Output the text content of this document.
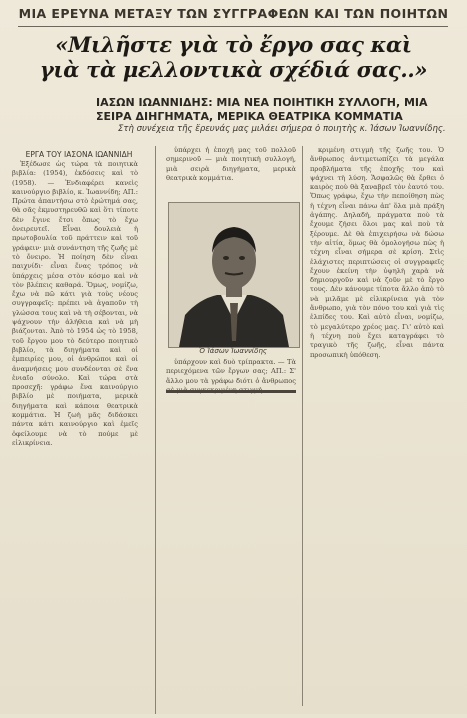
ΜΙΑ ΕΡΕΥΝΑ ΜΕΤΑΞΥ ΤΩΝ ΣΥΓΓΡΑΦΕΩΝ ΚΑΙ ΤΩΝ ΠΟΙΗΤΩΝ
«Μιλῆστε γιὰ τὸ ἔργο σας καὶ
γιὰ τὰ μελλοντικὰ σχέδιά σας..»
ΙΑΣΩΝ ΙΩΑΝΝΙΔΗΣ: ΜΙΑ ΝΕΑ ΠΟΙΗΤΙΚΗ ΣΥΛΛΟΓΗ, ΜΙΑ ΣΕΙΡΑ ΔΙΗΓΗΜΑΤΑ, ΜΕΡΙΚΑ ΘΕΑΤΡΙΚΑ ΚΟΜΜΑΤΙΑ
Στὴ συνέχεια τῆς ἔρευνάς μας μιλάει σήμερα ὁ ποιητὴς κ. Ἰάσων Ἰωαννίδης.

ΕΡΓΑ ΤΟΥ ΙΑΣΟΝΑ ΙΩΑΝΝΙΔΗ

Ἐξέδωσε ὡς τώρα τὰ ποιητικὰ βιβλία: (1954), ἐκδόσεις καὶ τὸ (1958). — Ἐνδιαφέρει κανεὶς καινούργιο βιβλίο, κ. Ἰωαννίδη; ΑΠ.: Πρώτα ἀπαντήσω στὸ ἐρώτημά σας, θὰ σᾶς ἐκμυστηρευθῶ καὶ ὅτι τίποτε δὲν ἔγινε ἔτσι ὅπως τὸ ἔχω ὀνειρευτεῖ. Εἶναι δουλειὰ ἡ πρωτοβουλία τοῦ πράττειν καὶ τοῦ γράφειν· μιὰ συνάντηση τῆς ζωῆς μὲ τὸ ὄνειρο. Ἡ ποίηση δὲν εἶναι παιχνίδι· εἶναι ἕνας τρόπος νὰ ὑπάρχεις μέσα στὸν κόσμο καὶ νὰ τὸν βλέπεις καθαρά. Ὅμως, νομίζω, ἔχω νὰ πῶ κάτι γιὰ τοὺς νέους συγγραφεῖς: πρέπει νὰ ἀγαποῦν τὴ γλώσσα τους καὶ νὰ τὴ σέβονται, νὰ ψάχνουν τὴν ἀλήθεια καὶ νὰ μὴ βιάζονται. Ἀπὸ τὸ 1954 ὡς τὸ 1958, τοῦ ἔργου μου τὸ δεύτερο ποιητικὸ βιβλίο, τὰ διηγήματα καὶ οἱ ἐμπειρίες μου, οἱ ἀνθρώποι καὶ οἱ ἀναμνήσεις μου συνδέονται σὲ ἕνα ἑνιαῖο σύνολο. Καὶ τώρα στὰ προσεχῆ: γράφω ἕνα καινούργιο βιβλίο μὲ ποιήματα, μερικὰ διηγήματα καὶ κάποια θεατρικὰ κομμάτια. Ἡ ζωὴ μᾶς διδάσκει πάντα κάτι καινούργιο καὶ ἐμεῖς ὀφείλουμε νὰ τὸ πούμε μὲ εἰλικρίνεια.

ὑπάρχει ἡ ἐποχή μας τοῦ πολλοῦ σημερινοῦ — μιὰ ποιητικὴ συλλογή, μιὰ σειρὰ διηγήματα, μερικὰ θεατρικὰ κομμάτια.

Ὁ Ἰάσων Ἰωαννίδης

ὑπάρχουν καὶ δυὸ τρίπρακτα. — Τὰ περιεχόμενα τῶν ἔργων σας; ΑΠ.: Σ' ἄλλο μου τὰ γράφω διότι ὁ ἄνθρωπος

κριμένη στιγμὴ τῆς ζωῆς του. Ὁ ἄνθρωπος ἀντιμετωπίζει τὰ μεγάλα προβλήματα τῆς ἐποχῆς του καὶ ψάχνει τὴ λύση. Ἄσφαλῶς θὰ ἔρθει ὁ καιρὸς ποὺ θὰ ξαναβρεῖ τὸν ἑαυτό του. Ὅπως γράφω, ἔχω τὴν πεποίθηση πὼς ἡ τέχνη εἶναι πάνω ἀπ' ὅλα μιὰ πράξη ἀγάπης. Δηλαδή, πράγματα ποὺ τὰ ἔχουμε ζήσει ὅλοι μας καὶ ποὺ τὰ ξέρουμε. Δὲ θὰ ἐπιχειρήσω νὰ δώσω τὴν αἰτία, ὅμως θὰ ὁμολογήσω πὼς ἡ τέχνη εἶναι σήμερα σὲ κρίση. Στὶς ἐλάχιστες περιπτώσεις οἱ συγγραφεῖς ἔχουν ἐκείνη τὴν ὑψηλὴ χαρὰ νὰ δημιουργοῦν καὶ νὰ ζοῦν μὲ τὸ ἔργο τους. Δὲν κάνουμε τίποτα ἄλλο ἀπὸ τὸ νὰ μιλᾶμε μὲ εἰλικρίνεια γιὰ τὸν ἄνθρωπο, γιὰ τὸν πόνο του καὶ γιὰ τὶς ἐλπίδες του. Καὶ αὐτὸ εἶναι, νομίζω, τὸ μεγαλύτερο χρέος μας. Γι' αὐτὸ καὶ ἡ τέχνη ποὺ ἔχει καταγράφει τὸ τραγικὸ τῆς ζωῆς, εἶναι πάντα προσωπικὴ ὑπόθεση.
